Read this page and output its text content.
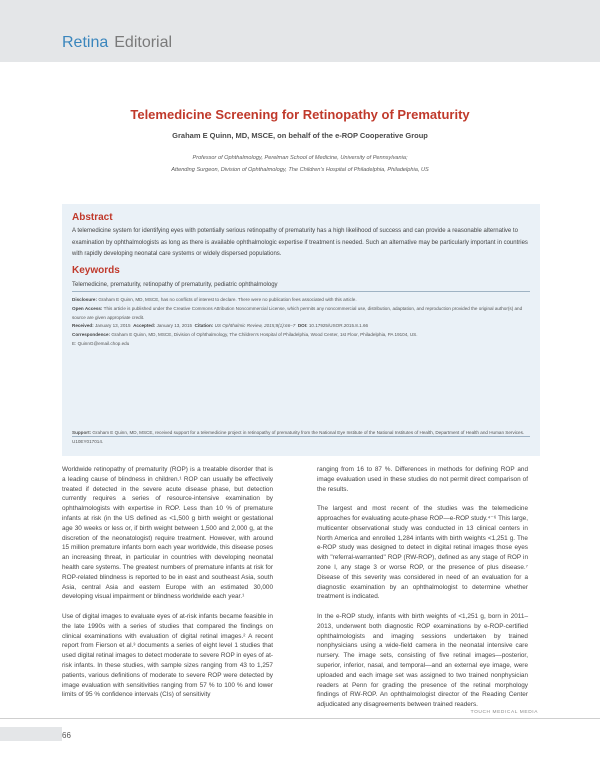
Retina Editorial
Telemedicine Screening for Retinopathy of Prematurity
Graham E Quinn, MD, MSCE, on behalf of the e-ROP Cooperative Group
Professor of Ophthalmology, Perelman School of Medicine, University of Pennsylvania;
Attending Surgeon, Division of Ophthalmology, The Children's Hospital of Philadelphia, Philadelphia, US
Abstract
A telemedicine system for identifying eyes with potentially serious retinopathy of prematurity has a high likelihood of success and can provide a reasonable alternative to examination by ophthalmologists as long as there is available ophthalmologic expertise if treatment is needed. Such an alternative may be particularly important in countries with rapidly developing neonatal care systems or widely dispersed populations.
Keywords
Telemedicine, prematurity, retinopathy of prematurity, pediatric ophthalmology
Disclosure: Graham E Quinn, MD, MSCE, has no conflicts of interest to declare. There were no publication fees associated with this article.
Open Access: This article is published under the Creative Commons Attribution Noncommercial License, which permits any noncommercial use, distribution, adaptation, and reproduction provided the original author(s) and source are given appropriate credit.
Received: January 13, 2015 Accepted: January 13, 2015 Citation: US Ophthalmic Review, 2015;8(1):66–7 DOI: 10.17925/USOR.2015.8.1.66
Correspondence: Graham E Quinn, MD, MSCE, Division of Ophthalmology, The Children's Hospital of Philadelphia, Wood Center, 1st Floor, Philadelphia, PA 19104, US.
E: QuinnG@email.chop.edu
Support: Graham E Quinn, MD, MSCE, received support for a telemedicine project in retinopathy of prematurity from the National Eye Institute of the National Institutes of Health, Department of Health and Human Services. U10EY017014.

Worldwide retinopathy of prematurity (ROP) is a treatable disorder that is a leading cause of blindness in children.¹ ROP can usually be effectively treated if detected in the severe acute disease phase, but detection currently requires a series of resource-intensive examination by ophthalmologists with expertise in ROP. Less than 10 % of premature infants at risk (in the US defined as <1,500 g birth weight or gestational age 30 weeks or less or, if birth weight between 1,500 and 2,000 g, at the discretion of the neonatologist) require treatment. However, with around 15 million premature infants born each year worldwide, this disease poses an increasing threat, in particular in countries with developing neonatal health care systems. The greatest numbers of premature infants at risk for ROP-related blindness is reported to be in east and southeast Asia, south Asia, central Asia and eastern Europe with an estimated 30,000 developing visual impairment or blindness worldwide each year.¹

Use of digital images to evaluate eyes of at-risk infants became feasible in the late 1990s with a series of studies that compared the findings on clinical examinations with evaluation of digital retinal images.² A recent report from Fierson et al.³ documents a series of eight level 1 studies that used digital retinal images to detect moderate to severe ROP in eyes of at-risk infants. In these studies, with sample sizes ranging from 43 to 1,257 patients, various definitions of moderate to severe ROP were detected by image evaluation with sensitivities ranging from 57 % to 100 % and lower limits of 95 % confidence intervals (CIs) of sensitivity

ranging from 16 to 87 %. Differences in methods for defining ROP and image evaluation used in these studies do not permit direct comparison of the results.

The largest and most recent of the studies was the telemedicine approaches for evaluating acute-phase ROP—e-ROP study.⁴⁻⁶ This large, multicenter observational study was conducted in 13 clinical centers in North America and enrolled 1,284 infants with birth weights <1,251 g. The e-ROP study was designed to detect in digital retinal images those eyes with "referral-warranted" ROP (RW-ROP), defined as any stage of ROP in zone I, any stage 3 or worse ROP, or the presence of plus disease.⁷ Disease of this severity was considered in need of an evaluation for a diagnostic examination by an ophthalmologist to determine whether treatment is indicated.

In the e-ROP study, infants with birth weights of <1,251 g, born in 2011–2013, underwent both diagnostic ROP examinations by e-ROP-certified ophthalmologists and imaging sessions undertaken by trained nonphysicians using a wide-field camera in the neonatal intensive care nursery. The image sets, consisting of five retinal images—posterior, superior, inferior, nasal, and temporal—and an external eye image, were uploaded and each image set was assigned to two trained nonphysician readers at Penn for grading the presence of the retinal morphology findings of RW-ROP. An ophthalmologist director of the Reading Center adjudicated any disagreements between trained readers.

TOUCH MEDICAL MEDIA
66
